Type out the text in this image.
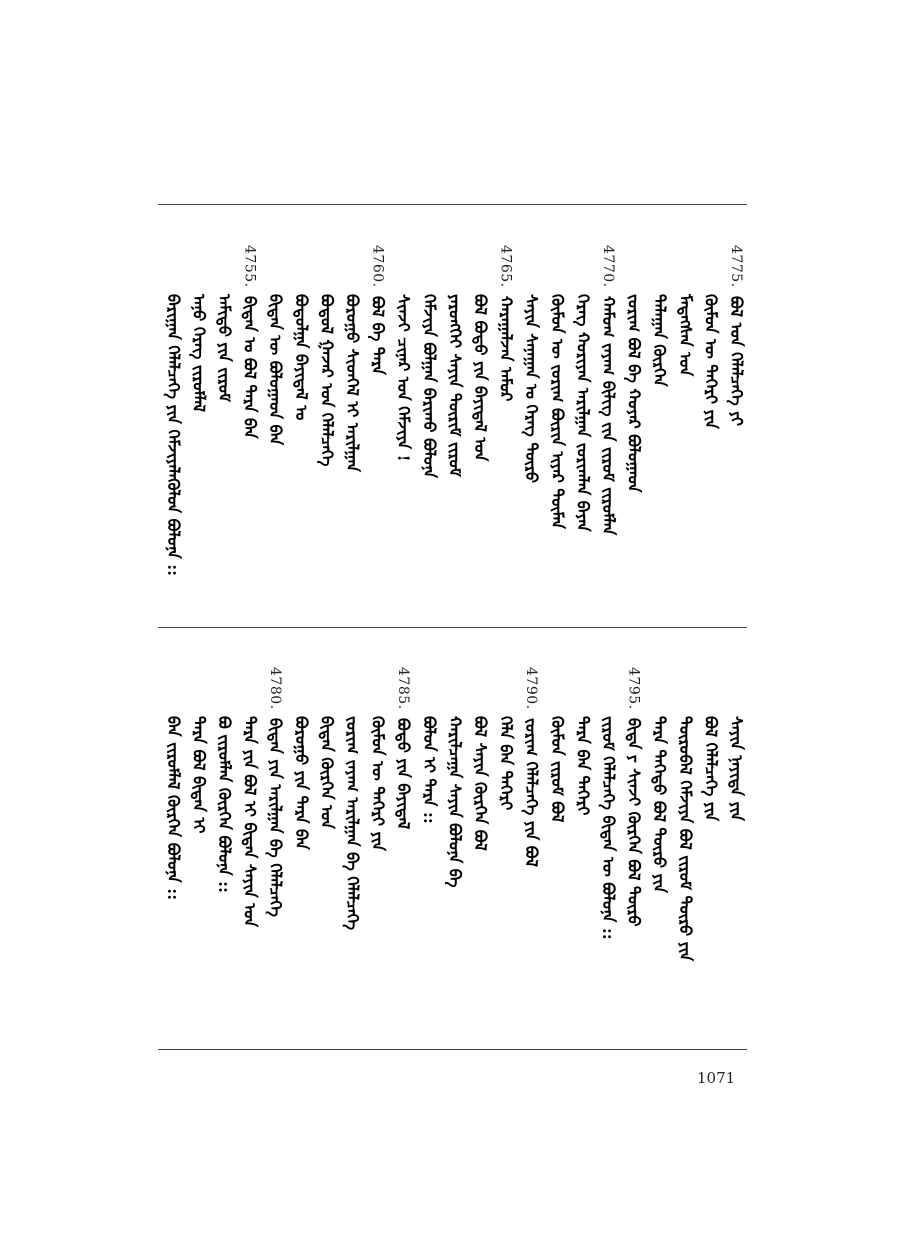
4775.
ᠪᠣᠯ ᠤᠨ ᠬᠡᠯᠡᠯᠴᠡᠭᠡ ᠶᠢ
ᠬᠦᠮᠦᠨ ᠦ ᠲᠡᠭᠡᠷᠢ ᠶᠢᠨ
ᠮᠡᠳᠡᠭᠰᠡᠨ ᠤᠨ
ᠲᠠᠯᠠᠭᠠᠨ ᠬᠦᠷᠭᠡᠨ
ᠵᠣᠷᠢᠭ ᠪᠣᠯ ᠪᠠ ᠬᠣᠶᠠᠷ ᠪᠣᠯᠤᠭᠠᠳ
4770.
ᠬᠠᠮᠤᠭ ᠵᠠᠶᠠᠭ ᠪᠢᠯᠢᠭ ᠵᠢᠨ ᠵᠢᠷᠤᠮ ᠵᠢᠷᠤᠮᠯᠠᠨ
ᠬᠡᠷᠡᠭ ᠬᠤᠷᠢᠶᠠᠨ ᠠᠷᠢᠯᠭᠠᠨ ᠵᠣᠷᠢᠭᠯᠠᠨ ᠪᠠᠶᠠᠨ
ᠬᠦᠮᠦᠨ ᠦ ᠵᠣᠷᠢᠭ ᠪᠦᠷᠢᠨ ᠢᠶᠡᠷ ᠲᠦᠮᠡᠨ
ᠰᠠᠶᠢᠨ ᠰᠠᠨᠠᠭᠠᠨ ᠤ ᠬᠡᠷᠡᠭ ᠲᠦᠷᠦ
4765.
ᠬᠠᠷᠠᠭᠠᠯᠵᠠᠨ ᠠᠮᠤᠷ
ᠪᠣᠯ ᠪᠣᠳᠣ ᠶᠢᠨ ᠪᠠᠶᠢᠳᠠᠯ ᠤᠨ
ᠶᠡᠷᠦᠩᠬᠡᠢ ᠰᠠᠶᠢᠨ ᠳᠦᠷᠢᠮ ᠵᠢᠷᠤᠮ
ᠬᠡᠮᠵᠢᠶᠡ ᠪᠣᠯᠭᠠᠨ ᠪᠠᠷᠢᠬᠤ ᠪᠣᠯᠤᠨᠠ
ᠰᠢᠨᠵᠢ ᠴᠢᠨᠠᠷ ᠤᠨ ᠬᠡᠮᠵᠢᠶᠡ !
4760.
ᠪᠣᠯ ᠪᠠ ᠲᠡᠷᠡ
ᠪᠣᠷᠤᠭᠤ ᠰᠢᠳᠬᠡᠯ ᠢ ᠠᠷᠢᠯᠭᠠᠨ
ᠪᠣᠳᠣᠯ ᠭᠠᠵᠠᠷ ᠤᠨ ᠬᠡᠯᠡᠯᠴᠡᠭᠡ
ᠪᠣᠳᠣᠯᠭᠠ ᠪᠠᠶᠢᠳᠠᠯ ᠣ
ᠪᠢᠳᠡᠨ ᠦ ᠪᠣᠯᠤᠭᠠᠳ ᠪᠠᠨ
4755.
ᠪᠢᠳᠡᠨ ᠣ ᠪᠣᠯ ᠲᠡᠷᠡ ᠪᠠᠨ
ᠠᠮᠢᠳᠤ ᠶᠢᠨ ᠵᠢᠷᠤᠮ
ᠠᠨᠤ ᠬᠡᠷᠡᠭ ᠵᠢᠷᠤᠮᠯᠠᠯ
ᠪᠠᠷᠢᠭᠠᠨ ᠬᠡᠯᠡᠯᠴᠡᠭᠡ ᠶᠢᠨ ᠬᠡᠮᠵᠢᠶᠡᠯᠡᠭᠦᠯᠦᠨ ᠪᠣᠯᠤᠨᠠ ::
ᠰᠠᠶᠢᠨ ᠨᠡᠶᠢᠲᠡ ᠶᠢᠨ
ᠪᠣᠯ ᠬᠡᠯᠡᠯᠴᠡᠭᠡ ᠶᠢᠨ
ᠲᠦᠷᠦᠪᠡᠯ ᠬᠡᠮᠵᠢᠶᠡ ᠪᠣᠯ ᠵᠢᠷᠤᠮ ᠲᠦᠷᠦ ᠶᠢᠨ
ᠲᠡᠷᠡ ᠳᠡᠭᠡᠳᠦ ᠪᠣᠯ ᠲᠦᠷᠦ ᠶᠢᠨ
4795.
ᠪᠢᠳᠡ ᠶ ᠰᠢᠨᠵᠢ ᠬᠦᠷᠭᠡᠨ ᠪᠣᠯ ᠲᠦᠷᠦ
ᠵᠢᠷᠤᠮ ᠬᠡᠯᠡᠯᠴᠡᠭᠡ ᠪᠢᠳᠡᠨ ᠦ ᠪᠣᠯᠤᠨᠠ ::
ᠲᠡᠷᠡ ᠪᠠᠨ ᠲᠡᠭᠡᠷᠢ
ᠬᠦᠮᠦᠨ ᠵᠢᠷᠤᠮ ᠪᠣᠯ
4790.
ᠵᠣᠷᠢᠭ ᠬᠡᠯᠡᠯᠴᠡᠭᠡ ᠶᠢᠨ ᠪᠣᠯ
ᠬᠡᠯᠡ ᠪᠠᠨ ᠲᠡᠭᠡᠷᠢ
ᠪᠣᠯ ᠰᠠᠶᠢᠨ ᠬᠦᠷᠭᠡᠨ ᠪᠣᠯ
ᠬᠠᠷᠢᠯᠴᠠᠭᠠ ᠰᠠᠶᠢᠨ ᠪᠣᠯᠤᠨᠠ ᠪᠠ
ᠪᠣᠯᠤᠨ ᠢ ᠲᠡᠷᠡ ::
4785.
ᠪᠣᠳᠣ ᠶᠢᠨ ᠪᠠᠶᠢᠳᠠᠯ
ᠬᠦᠮᠦᠨ ᠦ ᠲᠡᠭᠡᠷᠢ ᠶᠢᠨ
ᠵᠣᠷᠢᠭ ᠵᠠᠶᠠᠭ ᠠᠷᠢᠯᠭᠠᠨ ᠪᠠ ᠬᠡᠯᠡᠯᠴᠡᠭᠡ
ᠪᠢᠳᠡᠨ ᠬᠦᠷᠭᠡᠨ ᠤᠨ
ᠪᠣᠷᠤᠭᠤ ᠶᠢᠨ ᠲᠡᠷᠡ ᠪᠠᠨ
4780.
ᠪᠢᠳᠡᠨ ᠶᠢᠨ ᠠᠷᠢᠯᠭᠠᠨ ᠪᠠ ᠬᠡᠯᠡᠯᠴᠡᠭᠡ
ᠲᠡᠷᠡ ᠶᠢᠨ ᠪᠣᠯ ᠢ ᠪᠢᠳᠡᠨ ᠰᠠᠶᠢᠨ ᠤᠨ
ᠪᠣ ᠵᠢᠷᠤᠮᠯᠠᠨ ᠬᠦᠷᠭᠡᠨ ᠪᠣᠯᠤᠨᠠ ::
ᠲᠡᠷᠡ ᠪᠣᠯ ᠪᠢᠳᠡᠨ ᠢ
ᠪᠠᠨ ᠵᠢᠷᠤᠮᠯᠠᠯ ᠬᠦᠷᠭᠡᠨ ᠪᠣᠯᠤᠨᠠ ::
1071
